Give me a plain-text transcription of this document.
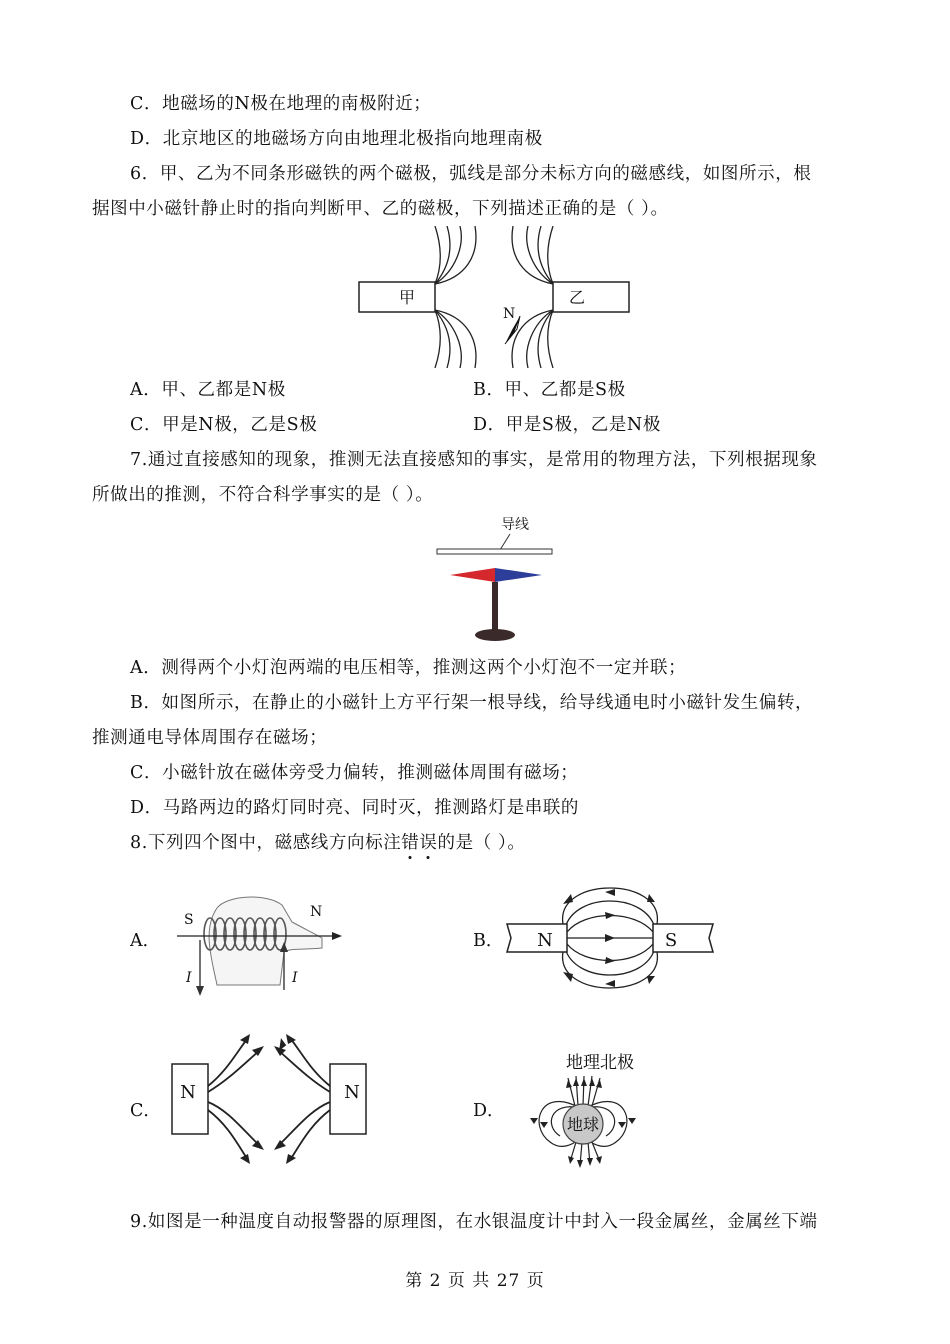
C．地磁场的N极在地理的南极附近；
D．北京地区的地磁场方向由地理北极指向地理南极
6．甲、乙为不同条形磁铁的两个磁极，弧线是部分未标方向的磁感线，如图所示，根
据图中小磁针静止时的指向判断甲、乙的磁极，下列描述正确的是（ ）。
甲	乙
N
A．甲、乙都是N极	B．甲、乙都是S极
C．甲是N极，乙是S极	D．甲是S极，乙是N极
7.通过直接感知的现象，推测无法直接感知的事实，是常用的物理方法，下列根据现象
所做出的推测，不符合科学事实的是（ ）。
导线
A．测得两个小灯泡两端的电压相等，推测这两个小灯泡不一定并联；
B．如图所示，在静止的小磁针上方平行架一根导线，给导线通电时小磁针发生偏转，
推测通电导体周围存在磁场；
C．小磁针放在磁体旁受力偏转，推测磁体周围有磁场；
D．马路两边的路灯同时亮、同时灭，推测路灯是串联的
8.下列四个图中，磁感线方向标注错误的是（ ）。
A．	B．
C．	D．
S	N
I	I
N	S
N	N
地理北极
地球
9.如图是一种温度自动报警器的原理图，在水银温度计中封入一段金属丝，金属丝下端
第 2 页 共 27 页
